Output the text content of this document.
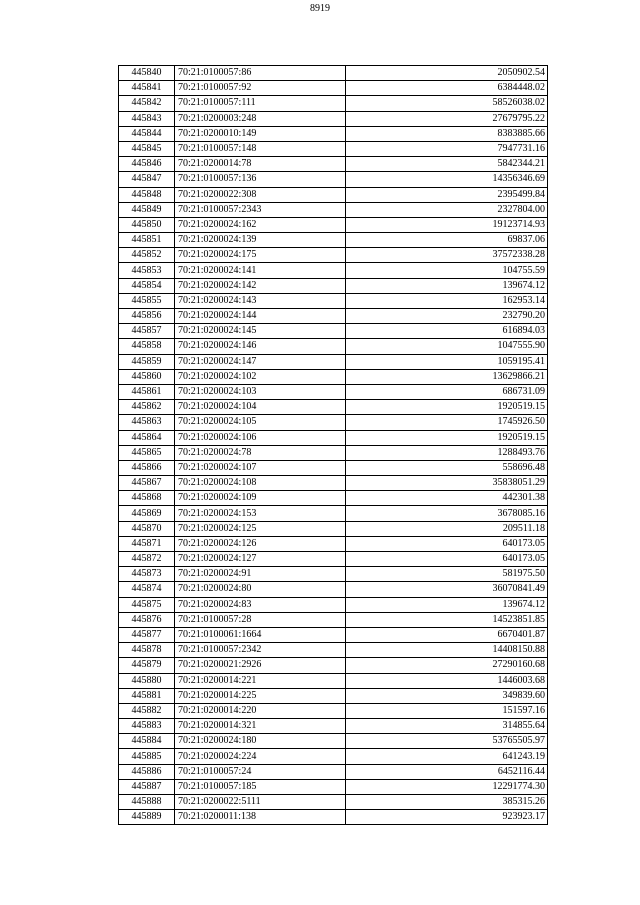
8919
445840	70:21:0100057:86	2050902.54
445841	70:21:0100057:92	6384448.02
445842	70:21:0100057:111	58526038.02
445843	70:21:0200003:248	27679795.22
445844	70:21:0200010:149	8383885.66
445845	70:21:0100057:148	7947731.16
445846	70:21:0200014:78	5842344.21
445847	70:21:0100057:136	14356346.69
445848	70:21:0200022:308	2395499.84
445849	70:21:0100057:2343	2327804.00
445850	70:21:0200024:162	19123714.93
445851	70:21:0200024:139	69837.06
445852	70:21:0200024:175	37572338.28
445853	70:21:0200024:141	104755.59
445854	70:21:0200024:142	139674.12
445855	70:21:0200024:143	162953.14
445856	70:21:0200024:144	232790.20
445857	70:21:0200024:145	616894.03
445858	70:21:0200024:146	1047555.90
445859	70:21:0200024:147	1059195.41
445860	70:21:0200024:102	13629866.21
445861	70:21:0200024:103	686731.09
445862	70:21:0200024:104	1920519.15
445863	70:21:0200024:105	1745926.50
445864	70:21:0200024:106	1920519.15
445865	70:21:0200024:78	1288493.76
445866	70:21:0200024:107	558696.48
445867	70:21:0200024:108	35838051.29
445868	70:21:0200024:109	442301.38
445869	70:21:0200024:153	3678085.16
445870	70:21:0200024:125	209511.18
445871	70:21:0200024:126	640173.05
445872	70:21:0200024:127	640173.05
445873	70:21:0200024:91	581975.50
445874	70:21:0200024:80	36070841.49
445875	70:21:0200024:83	139674.12
445876	70:21:0100057:28	14523851.85
445877	70:21:0100061:1664	6670401.87
445878	70:21:0100057:2342	14408150.88
445879	70:21:0200021:2926	27290160.68
445880	70:21:0200014:221	1446003.68
445881	70:21:0200014:225	349839.60
445882	70:21:0200014:220	151597.16
445883	70:21:0200014:321	314855.64
445884	70:21:0200024:180	53765505.97
445885	70:21:0200024:224	641243.19
445886	70:21:0100057:24	6452116.44
445887	70:21:0100057:185	12291774.30
445888	70:21:0200022:5111	385315.26
445889	70:21:0200011:138	923923.17
